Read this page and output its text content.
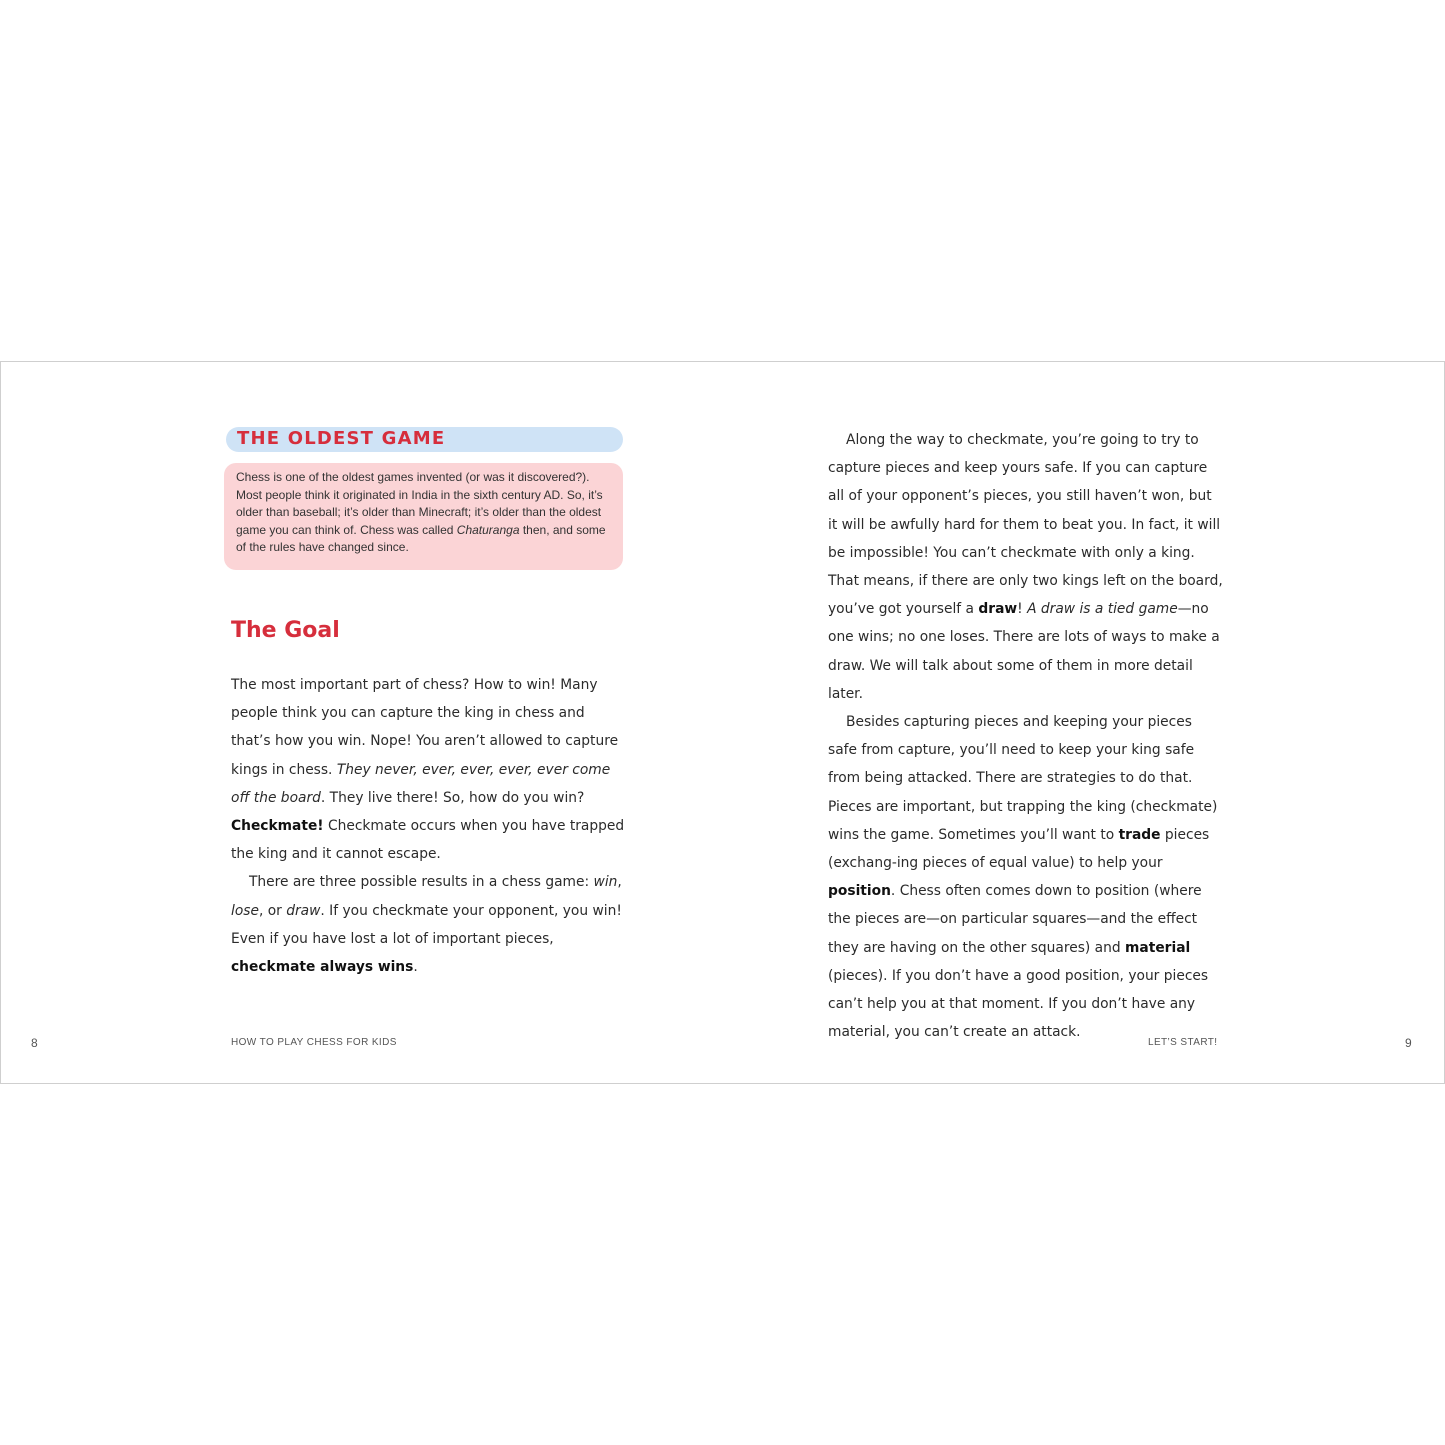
THE OLDEST GAME

Chess is one of the oldest games invented (or was it discovered?). Most people think it originated in India in the sixth century AD. So, it’s older than baseball; it’s older than Minecraft; it’s older than the oldest game you can think of. Chess was called Chaturanga then, and some of the rules have changed since.

The Goal

The most important part of chess? How to win! Many people think you can capture the king in chess and that’s how you win. Nope! You aren’t allowed to capture kings in chess. They never, ever, ever, ever, ever come off the board. They live there! So, how do you win? Checkmate! Checkmate occurs when you have trapped the king and it cannot escape.

There are three possible results in a chess game: win, lose, or draw. If you checkmate your opponent, you win! Even if you have lost a lot of important pieces, checkmate always wins.

Along the way to checkmate, you’re going to try to capture pieces and keep yours safe. If you can capture all of your opponent’s pieces, you still haven’t won, but it will be awfully hard for them to beat you. In fact, it will be impossible! You can’t checkmate with only a king. That means, if there are only two kings left on the board, you’ve got yourself a draw! A draw is a tied game—no one wins; no one loses. There are lots of ways to make a draw. We will talk about some of them in more detail later.

Besides capturing pieces and keeping your pieces safe from capture, you’ll need to keep your king safe from being attacked. There are strategies to do that. Pieces are important, but trapping the king (checkmate) wins the game. Sometimes you’ll want to trade pieces (exchang-ing pieces of equal value) to help your position. Chess often comes down to position (where the pieces are—on particular squares—and the effect they are having on the other squares) and material (pieces). If you don’t have a good position, your pieces can’t help you at that moment. If you don’t have any material, you can’t create an attack.

8	HOW TO PLAY CHESS FOR KIDS	LET’S START!	9
